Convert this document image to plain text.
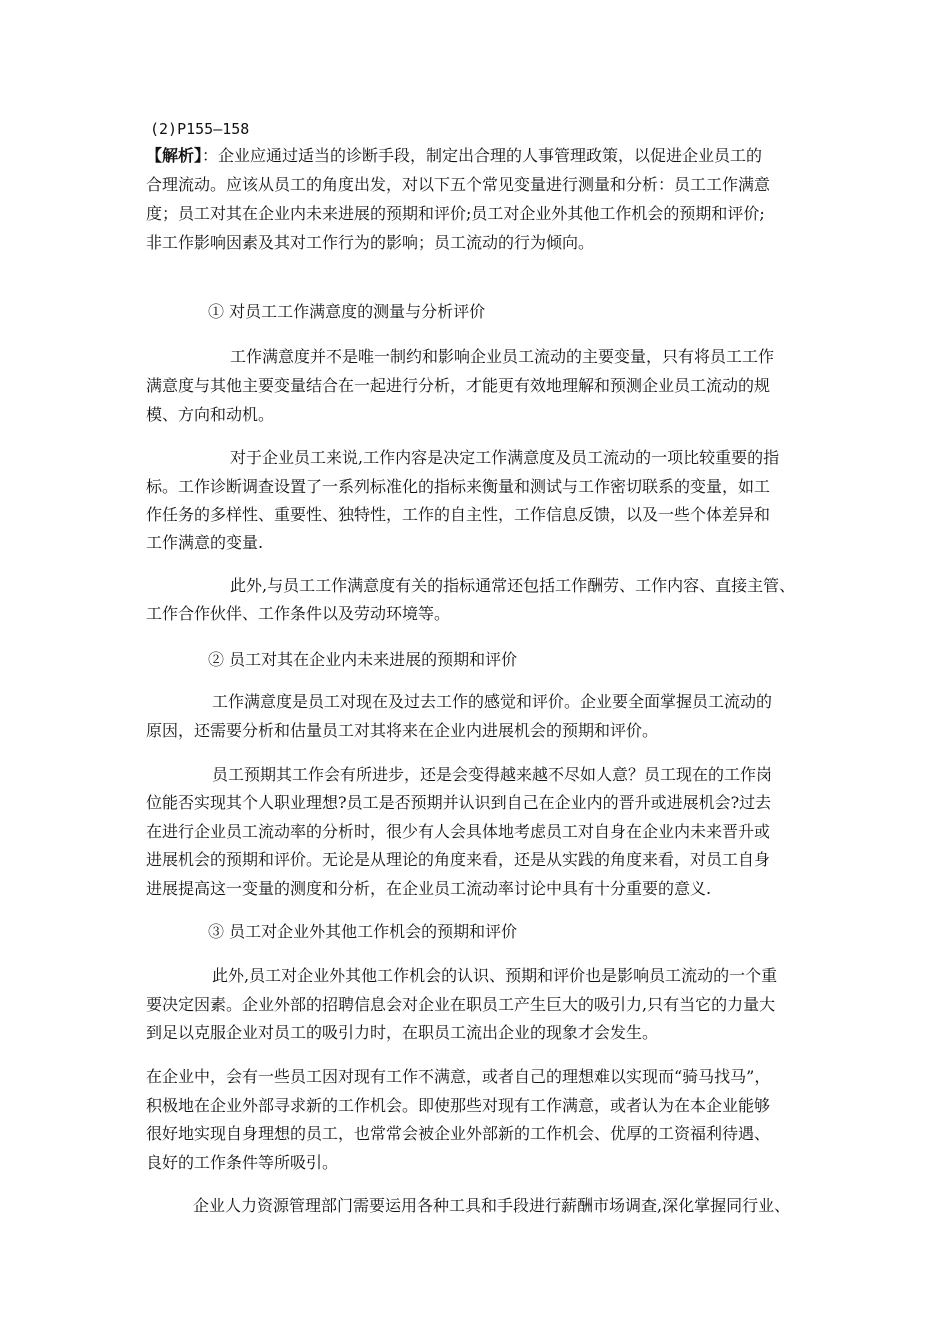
(2)P155—158
【解析】：企业应通过适当的诊断手段，制定出合理的人事管理政策，以促进企业员工的
合理流动。应该从员工的角度出发，对以下五个常见变量进行测量和分析：员工工作满意
度；员工对其在企业内未来进展的预期和评价;员工对企业外其他工作机会的预期和评价;
非工作影响因素及其对工作行为的影响；员工流动的行为倾向。
① 对员工工作满意度的测量与分析评价
工作满意度并不是唯一制约和影响企业员工流动的主要变量，只有将员工工作
满意度与其他主要变量结合在一起进行分析，才能更有效地理解和预测企业员工流动的规
模、方向和动机。
对于企业员工来说,工作内容是决定工作满意度及员工流动的一项比较重要的指
标。工作诊断调查设置了一系列标准化的指标来衡量和测试与工作密切联系的变量，如工
作任务的多样性、重要性、独特性，工作的自主性，工作信息反馈，以及一些个体差异和
工作满意的变量.
此外,与员工工作满意度有关的指标通常还包括工作酬劳、工作内容、直接主管、
工作合作伙伴、工作条件以及劳动环境等。
② 员工对其在企业内未来进展的预期和评价
工作满意度是员工对现在及过去工作的感觉和评价。企业要全面掌握员工流动的
原因，还需要分析和估量员工对其将来在企业内进展机会的预期和评价。
员工预期其工作会有所进步，还是会变得越来越不尽如人意？员工现在的工作岗
位能否实现其个人职业理想?员工是否预期并认识到自己在企业内的晋升或进展机会?过去
在进行企业员工流动率的分析时，很少有人会具体地考虑员工对自身在企业内未来晋升或
进展机会的预期和评价。无论是从理论的角度来看，还是从实践的角度来看，对员工自身
进展提高这一变量的测度和分析，在企业员工流动率讨论中具有十分重要的意义.
③ 员工对企业外其他工作机会的预期和评价
此外,员工对企业外其他工作机会的认识、预期和评价也是影响员工流动的一个重
要决定因素。企业外部的招聘信息会对企业在职员工产生巨大的吸引力,只有当它的力量大
到足以克服企业对员工的吸引力时，在职员工流出企业的现象才会发生。
在企业中，会有一些员工因对现有工作不满意，或者自己的理想难以实现而“骑马找马”，
积极地在企业外部寻求新的工作机会。即使那些对现有工作满意，或者认为在本企业能够
很好地实现自身理想的员工，也常常会被企业外部新的工作机会、优厚的工资福利待遇、
良好的工作条件等所吸引。
企业人力资源管理部门需要运用各种工具和手段进行薪酬市场调查,深化掌握同行业、
